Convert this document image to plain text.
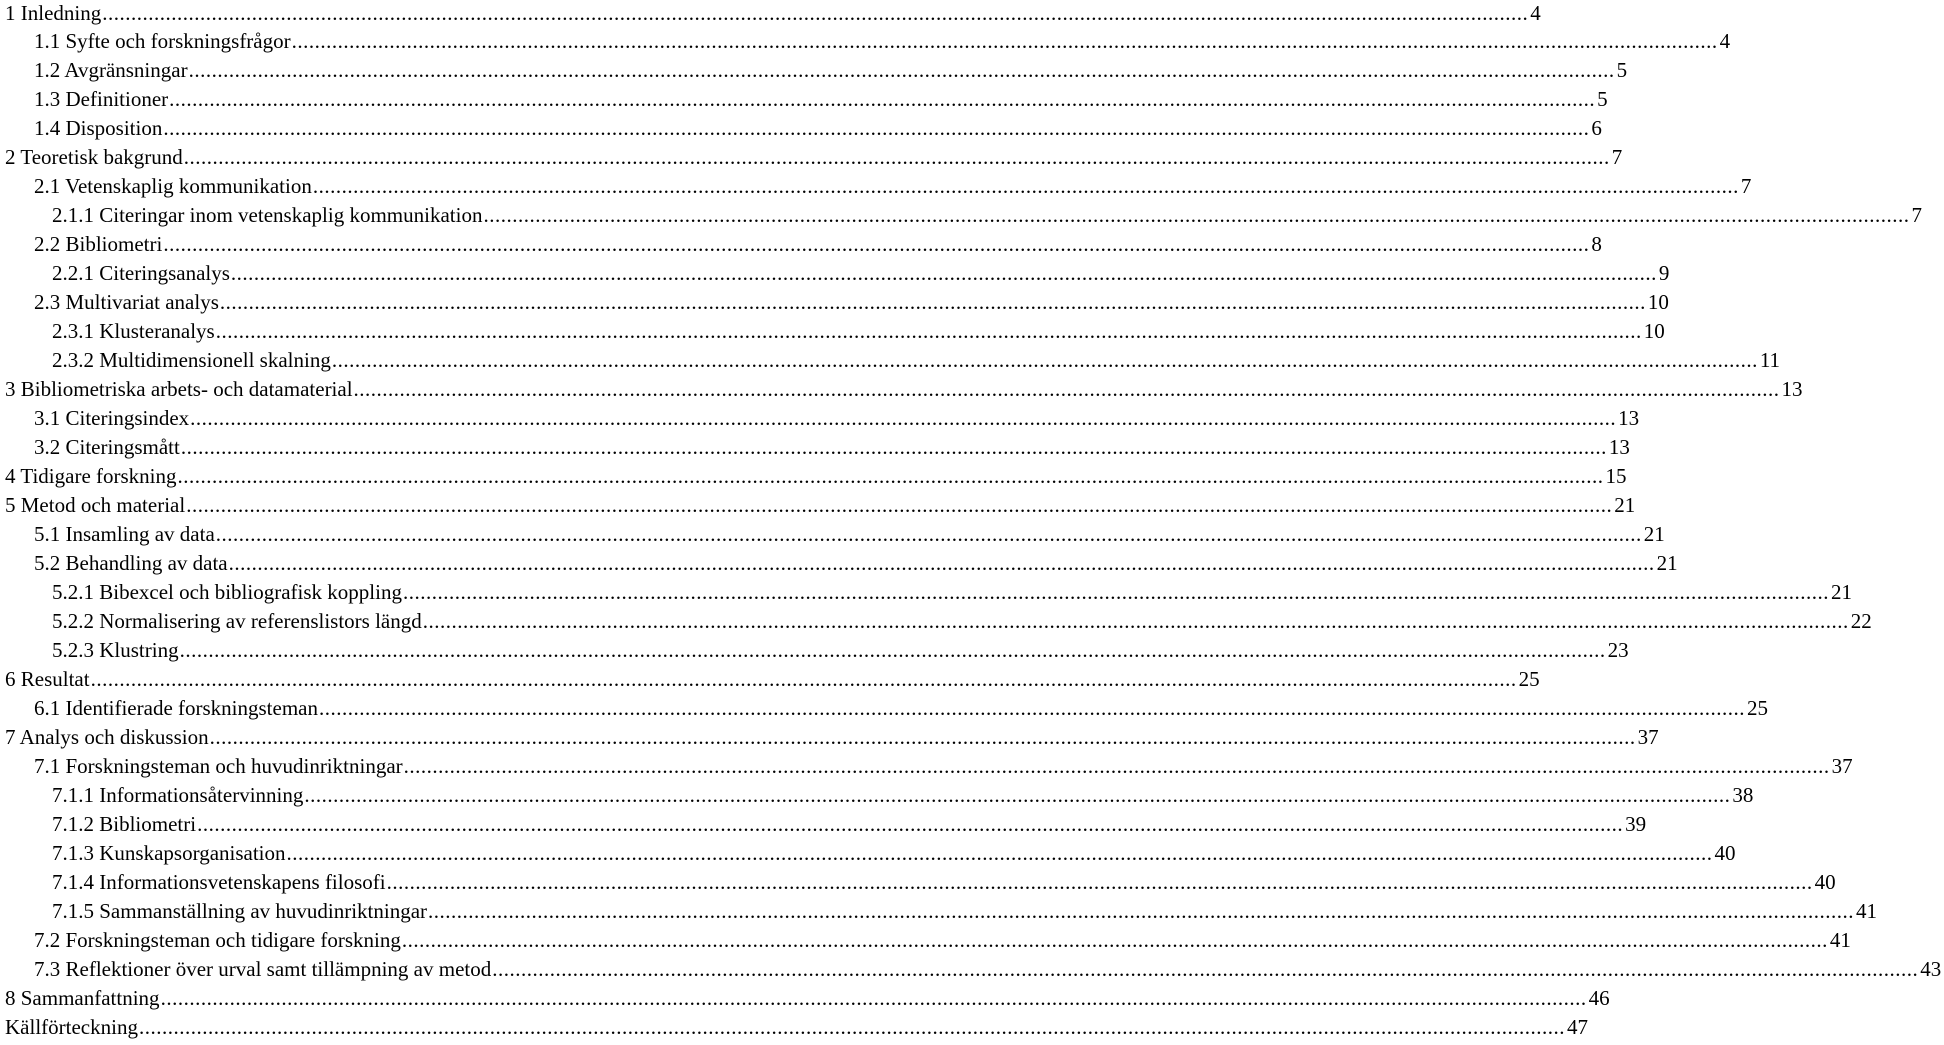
1 Inledning .....	4
1.1 Syfte och forskningsfrågor .....	4
1.2 Avgränsningar .....	5
1.3 Definitioner .....	5
1.4 Disposition .....	6
2 Teoretisk bakgrund .....	7
2.1 Vetenskaplig kommunikation .....	7
2.1.1 Citeringar inom vetenskaplig kommunikation .....	7
2.2 Bibliometri .....	8
2.2.1 Citeringsanalys .....	9
2.3 Multivariat analys .....	10
2.3.1 Klusteranalys .....	10
2.3.2 Multidimensionell skalning .....	11
3 Bibliometriska arbets- och datamaterial .....	13
3.1 Citeringsindex .....	13
3.2 Citeringsmått .....	13
4 Tidigare forskning .....	15
5 Metod och material .....	21
5.1 Insamling av data .....	21
5.2 Behandling av data .....	21
5.2.1 Bibexcel och bibliografisk koppling .....	21
5.2.2 Normalisering av referenslistors längd .....	22
5.2.3 Klustring .....	23
6 Resultat .....	25
6.1 Identifierade forskningsteman .....	25
7 Analys och diskussion .....	37
7.1 Forskningsteman och huvudinriktningar .....	37
7.1.1 Informationsåtervinning .....	38
7.1.2 Bibliometri .....	39
7.1.3 Kunskapsorganisation .....	40
7.1.4 Informationsvetenskapens filosofi .....	40
7.1.5 Sammanställning av huvudinriktningar .....	41
7.2 Forskningsteman och tidigare forskning .....	41
7.3 Reflektioner över urval samt tillämpning av metod .....	43
8 Sammanfattning .....	46
Källförteckning .....	47
